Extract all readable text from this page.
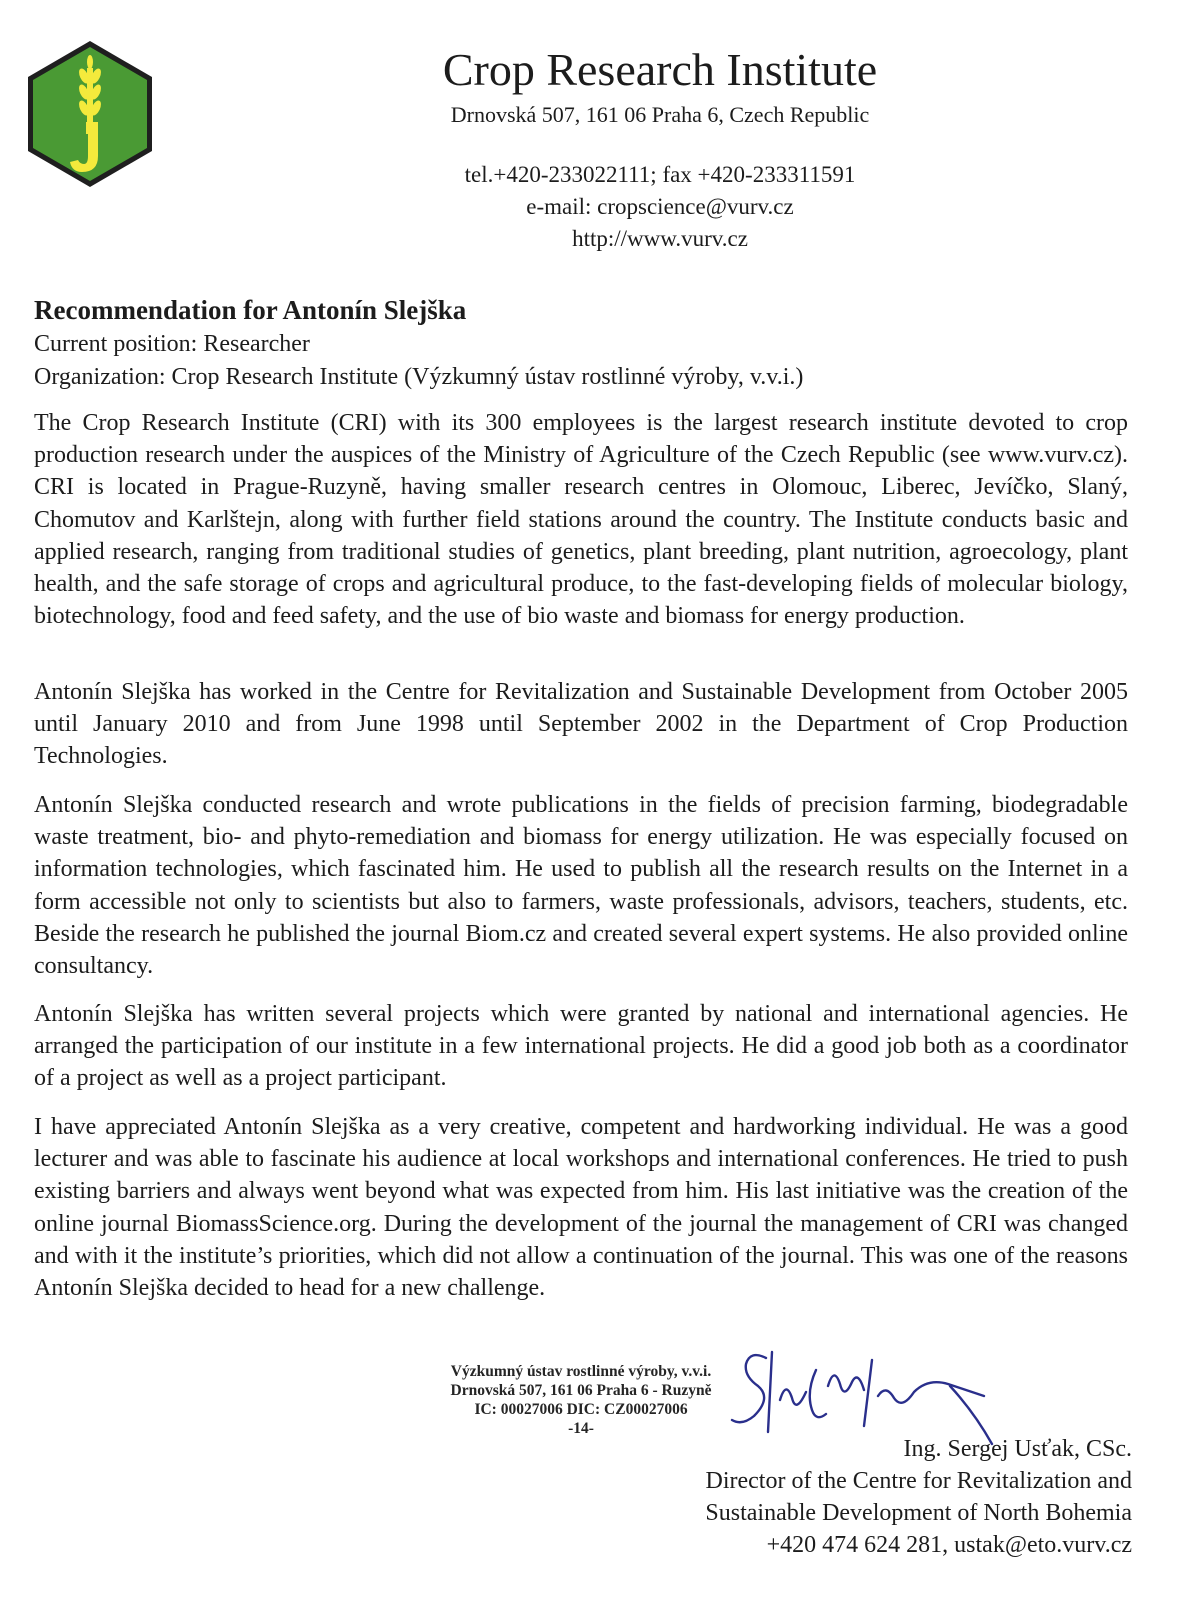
Crop Research Institute
Drnovská 507, 161 06 Praha 6, Czech Republic
tel.+420-233022111; fax +420-233311591
e-mail: cropscience@vurv.cz
http://www.vurv.cz
Recommendation for Antonín Slejška
Current position: Researcher
Organization: Crop Research Institute (Výzkumný ústav rostlinné výroby, v.v.i.)

The Crop Research Institute (CRI) with its 300 employees is the largest research institute devoted to crop production research under the auspices of the Ministry of Agriculture of the Czech Republic (see www.vurv.cz). CRI is located in Prague-Ruzyně, having smaller research centres in Olomouc, Liberec, Jevíčko, Slaný, Chomutov and Karlštejn, along with further field stations around the country. The Institute conducts basic and applied research, ranging from traditional studies of genetics, plant breeding, plant nutrition, agroecology, plant health, and the safe storage of crops and agricultural produce, to the fast-developing fields of molecular biology, biotechnology, food and feed safety, and the use of bio waste and biomass for energy production.

Antonín Slejška has worked in the Centre for Revitalization and Sustainable Development from October 2005 until January 2010 and from June 1998 until September 2002 in the Department of Crop Production Technologies.

Antonín Slejška conducted research and wrote publications in the fields of precision farming, biodegradable waste treatment, bio- and phyto-remediation and biomass for energy utilization. He was especially focused on information technologies, which fascinated him. He used to publish all the research results on the Internet in a form accessible not only to scientists but also to farmers, waste professionals, advisors, teachers, students, etc. Beside the research he published the journal Biom.cz and created several expert systems. He also provided online consultancy.

Antonín Slejška has written several projects which were granted by national and international agencies. He arranged the participation of our institute in a few international projects. He did a good job both as a coordinator of a project as well as a project participant.

I have appreciated Antonín Slejška as a very creative, competent and hardworking individual. He was a good lecturer and was able to fascinate his audience at local workshops and international conferences. He tried to push existing barriers and always went beyond what was expected from him. His last initiative was the creation of the online journal BiomassScience.org. During the development of the journal the management of CRI was changed and with it the institute’s priorities, which did not allow a continuation of the journal. This was one of the reasons Antonín Slejška decided to head for a new challenge.

Výzkumný ústav rostlinné výroby, v.v.i.
Drnovská 507, 161 06 Praha 6 - Ruzyně
IC: 00027006 DIC: CZ00027006
-14-
Ing. Sergej Usťak, CSc.
Director of the Centre for Revitalization and
Sustainable Development of North Bohemia
+420 474 624 281, ustak@eto.vurv.cz
